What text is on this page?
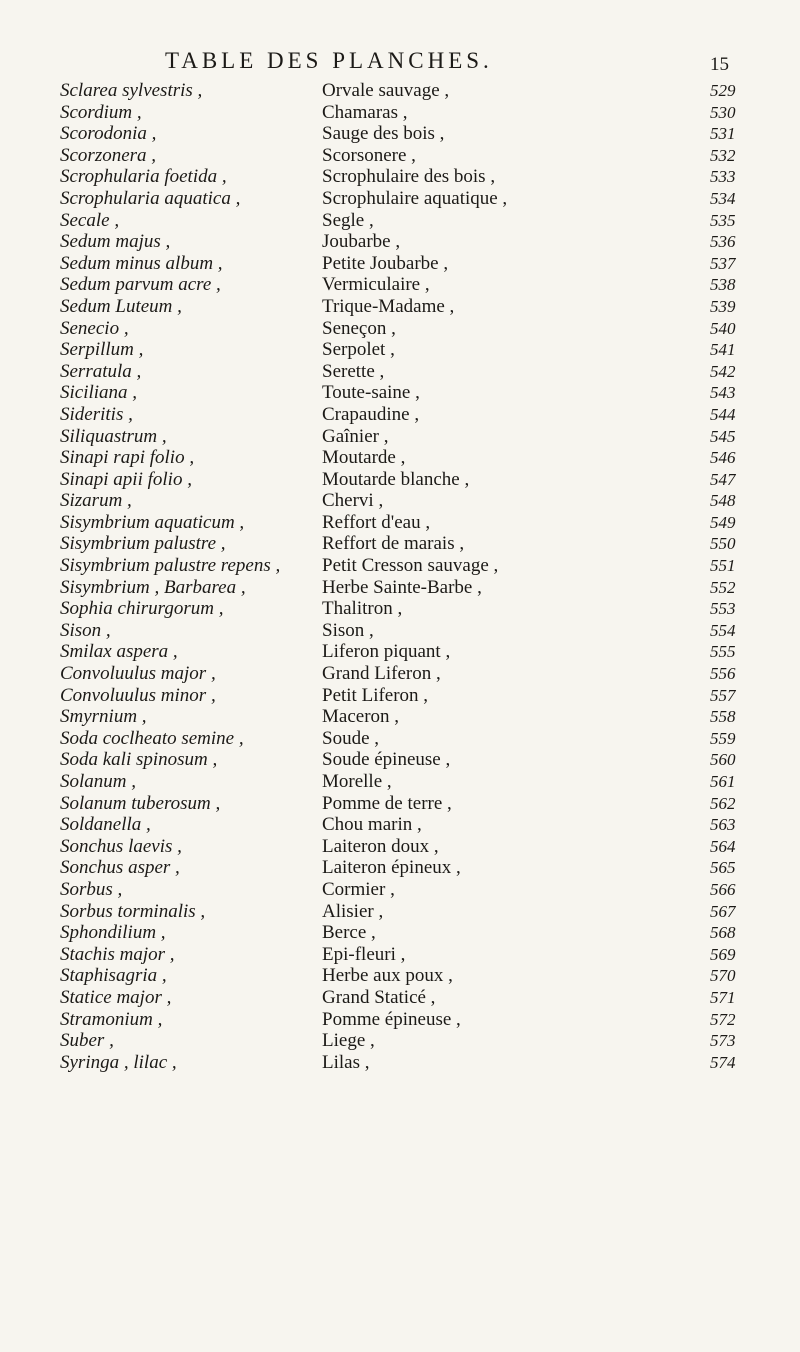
TABLE DES PLANCHES.	15
Sclarea sylvestris ,	Orvale sauvage ,	529
Scordium ,	Chamaras ,	530
Scorodonia ,	Sauge des bois ,	531
Scorzonera ,	Scorsonere ,	532
Scrophularia foetida ,	Scrophulaire des bois ,	533
Scrophularia aquatica ,	Scrophulaire aquatique ,	534
Secale ,	Segle ,	535
Sedum majus ,	Joubarbe ,	536
Sedum minus album ,	Petite Joubarbe ,	537
Sedum parvum acre ,	Vermiculaire ,	538
Sedum Luteum ,	Trique-Madame ,	539
Senecio ,	Seneçon ,	540
Serpillum ,	Serpolet ,	541
Serratula ,	Serette ,	542
Siciliana ,	Toute-saine ,	543
Sideritis ,	Crapaudine ,	544
Siliquastrum ,	Gaînier ,	545
Sinapi rapi folio ,	Moutarde ,	546
Sinapi apii folio ,	Moutarde blanche ,	547
Sizarum ,	Chervi ,	548
Sisymbrium aquaticum ,	Reffort d'eau ,	549
Sisymbrium palustre ,	Reffort de marais ,	550
Sisymbrium palustre repens ,	Petit Cresson sauvage ,	551
Sisymbrium , Barbarea ,	Herbe Sainte-Barbe ,	552
Sophia chirurgorum ,	Thalitron ,	553
Sison ,	Sison ,	554
Smilax aspera ,	Liferon piquant ,	555
Convoluulus major ,	Grand Liferon ,	556
Convoluulus minor ,	Petit Liferon ,	557
Smyrnium ,	Maceron ,	558
Soda coclheato semine ,	Soude ,	559
Soda kali spinosum ,	Soude épineuse ,	560
Solanum ,	Morelle ,	561
Solanum tuberosum ,	Pomme de terre ,	562
Soldanella ,	Chou marin ,	563
Sonchus laevis ,	Laiteron doux ,	564
Sonchus asper ,	Laiteron épineux ,	565
Sorbus ,	Cormier ,	566
Sorbus torminalis ,	Alisier ,	567
Sphondilium ,	Berce ,	568
Stachis major ,	Epi-fleuri ,	569
Staphisagria ,	Herbe aux poux ,	570
Statice major ,	Grand Staticé ,	571
Stramonium ,	Pomme épineuse ,	572
Suber ,	Liege ,	573
Syringa , lilac ,	Lilas ,	574
